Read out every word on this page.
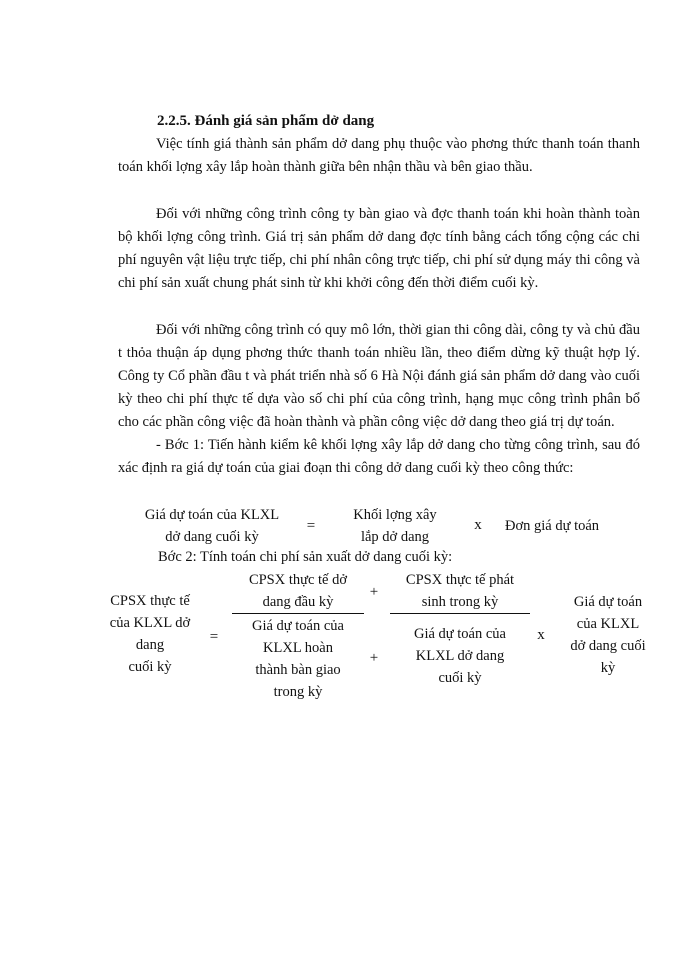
2.2.5. Đánh giá sản phẩm dở dang
Việc tính giá thành sản phẩm dở dang phụ thuộc vào phơng thức thanh toán thanh toán khối lợng xây lắp hoàn thành giữa bên nhận thầu và bên giao thầu.
Đối với những công trình công ty bàn giao và đợc thanh toán khi hoàn thành toàn bộ khối lợng công trình. Giá trị sản phẩm dở dang đợc tính bằng cách tổng cộng các chi phí nguyên vật liệu trực tiếp, chi phí nhân công trực tiếp, chi phí sử dụng máy thi công và chi phí sản xuất chung phát sinh từ khi khởi công đến thời điểm cuối kỳ.
Đối với những công trình có quy mô lớn, thời gian thi công dài, công ty và chủ đầu t thỏa thuận áp dụng phơng thức thanh toán nhiều lần, theo điểm dừng kỹ thuật hợp lý. Công ty Cổ phần đầu t và phát triển nhà số 6 Hà Nội đánh giá sản phẩm dở dang vào cuối kỳ theo chi phí thực tế dựa vào số chi phí của công trình, hạng mục công trình phân bổ cho các phần công việc đã hoàn thành và phần công việc dở dang theo giá trị dự toán.
- Bớc 1: Tiến hành kiểm kê khối lợng xây lắp dở dang cho từng công trình, sau đó xác định ra giá dự toán của giai đoạn thi công dở dang cuối kỳ theo công thức:
Giá dự toán của KLXL
dở dang cuối kỳ
=
Khối lợng xây
lắp dở dang
x Đơn giá dự toán
Bớc 2: Tính toán chi phí sản xuất dở dang cuối kỳ:
CPSX thực tế
của KLXL dở
dang
cuối kỳ
=
CPSX thực tế dở
dang đầu kỳ
+
CPSX thực tế phát
sinh trong kỳ
Giá dự toán của
KLXL hoàn
thành bàn giao
trong kỳ
+
Giá dự toán của
KLXL dở dang
cuối kỳ
x
Giá dự toán
của KLXL
dở dang cuối
kỳ
